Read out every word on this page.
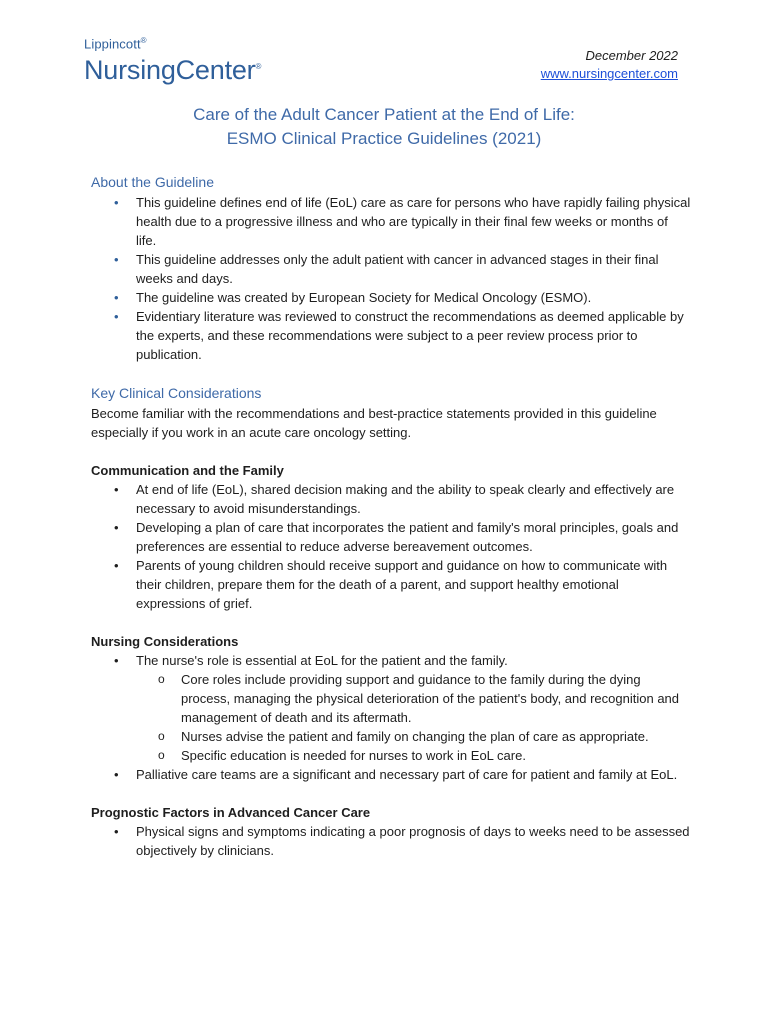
Lippincott®
NursingCenter®
December 2022
www.nursingcenter.com
Care of the Adult Cancer Patient at the End of Life:
ESMO Clinical Practice Guidelines (2021)
About the Guideline
• This guideline defines end of life (EoL) care as care for persons who have rapidly failing physical health due to a progressive illness and who are typically in their final few weeks or months of life.
• This guideline addresses only the adult patient with cancer in advanced stages in their final weeks and days.
• The guideline was created by European Society for Medical Oncology (ESMO).
• Evidentiary literature was reviewed to construct the recommendations as deemed applicable by the experts, and these recommendations were subject to a peer review process prior to publication.
Key Clinical Considerations

Become familiar with the recommendations and best-practice statements provided in this guideline especially if you work in an acute care oncology setting.

Communication and the Family
• At end of life (EoL), shared decision making and the ability to speak clearly and effectively are necessary to avoid misunderstandings.
• Developing a plan of care that incorporates the patient and family's moral principles, goals and preferences are essential to reduce adverse bereavement outcomes.
• Parents of young children should receive support and guidance on how to communicate with their children, prepare them for the death of a parent, and support healthy emotional expressions of grief.
Nursing Considerations
• The nurse's role is essential at EoL for the patient and the family.
o Core roles include providing support and guidance to the family during the dying process, managing the physical deterioration of the patient's body, and recognition and management of death and its aftermath.
o Nurses advise the patient and family on changing the plan of care as appropriate.
o Specific education is needed for nurses to work in EoL care.
• Palliative care teams are a significant and necessary part of care for patient and family at EoL.
Prognostic Factors in Advanced Cancer Care
• Physical signs and symptoms indicating a poor prognosis of days to weeks need to be assessed objectively by clinicians.
